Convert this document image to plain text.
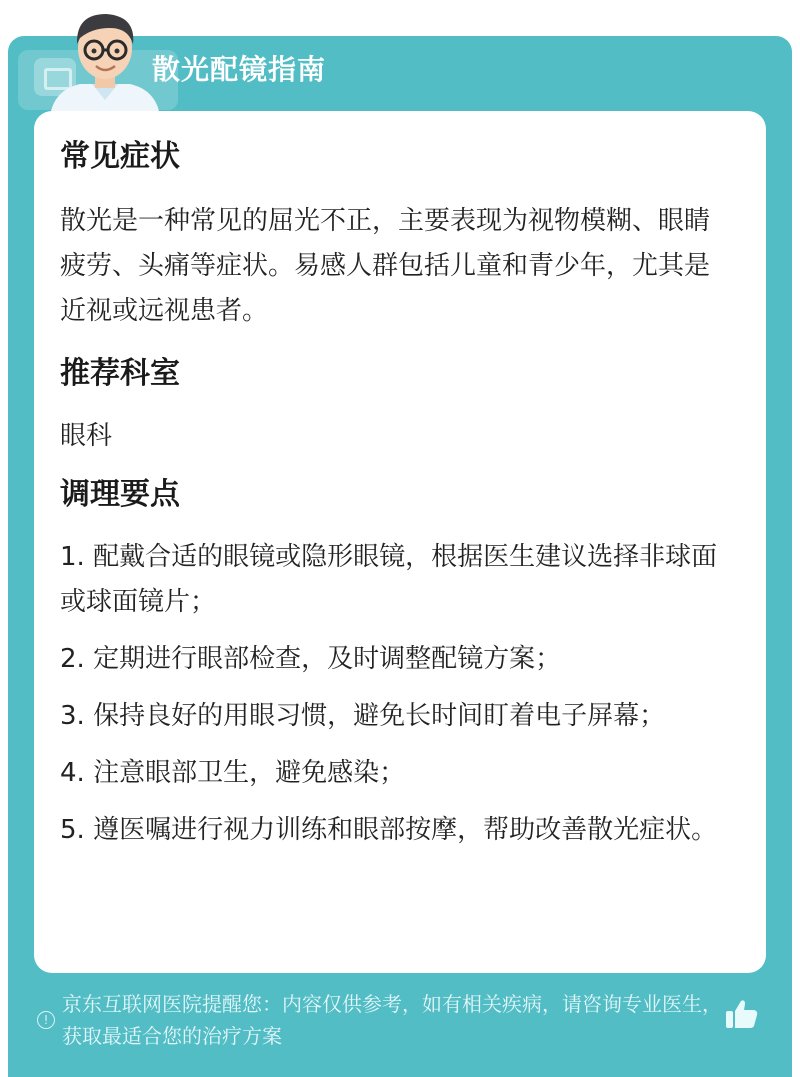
散光配镜指南

常见症状

散光是一种常见的屈光不正，主要表现为视物模糊、眼睛疲劳、头痛等症状。易感人群包括儿童和青少年，尤其是近视或远视患者。

推荐科室

眼科

调理要点

1. 配戴合适的眼镜或隐形眼镜，根据医生建议选择非球面或球面镜片；

2. 定期进行眼部检查，及时调整配镜方案；

3. 保持良好的用眼习惯，避免长时间盯着电子屏幕；

4. 注意眼部卫生，避免感染；

5. 遵医嘱进行视力训练和眼部按摩，帮助改善散光症状。

!
京东互联网医院提醒您：内容仅供参考，如有相关疾病，请咨询专业医生，获取最适合您的治疗方案
